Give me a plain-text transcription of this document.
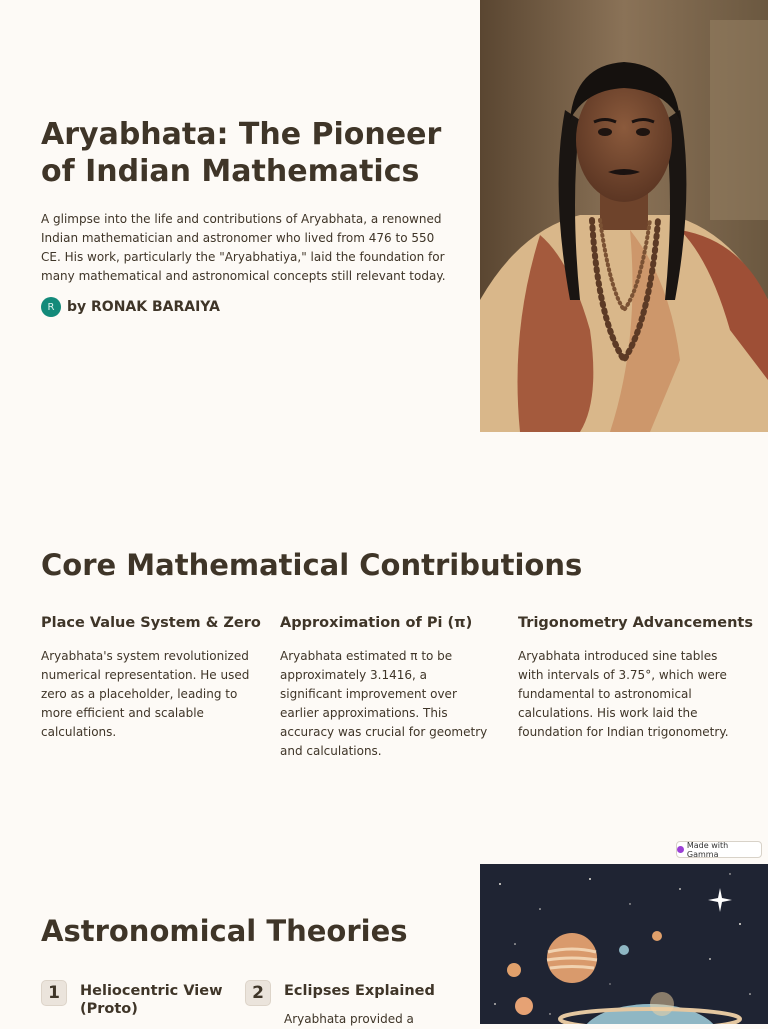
Aryabhata: The Pioneer of Indian Mathematics

A glimpse into the life and contributions of Aryabhata, a renowned Indian mathematician and astronomer who lived from 476 to 550 CE. His work, particularly the "Aryabhatiya," laid the foundation for many mathematical and astronomical concepts still relevant today.

R by RONAK BARAIYA
Core Mathematical Contributions
Place Value System & Zero

Aryabhata's system revolutionized numerical representation. He used zero as a placeholder, leading to more efficient and scalable calculations.

Approximation of Pi (π)

Aryabhata estimated π to be approximately 3.1416, a significant improvement over earlier approximations. This accuracy was crucial for geometry and calculations.

Trigonometry Advancements

Aryabhata introduced sine tables with intervals of 3.75°, which were fundamental to astronomical calculations. His work laid the foundation for Indian trigonometry.

Made with Gamma
Astronomical Theories
1	Heliocentric View
(Proto)
2	Eclipses Explained
Aryabhata provided a
